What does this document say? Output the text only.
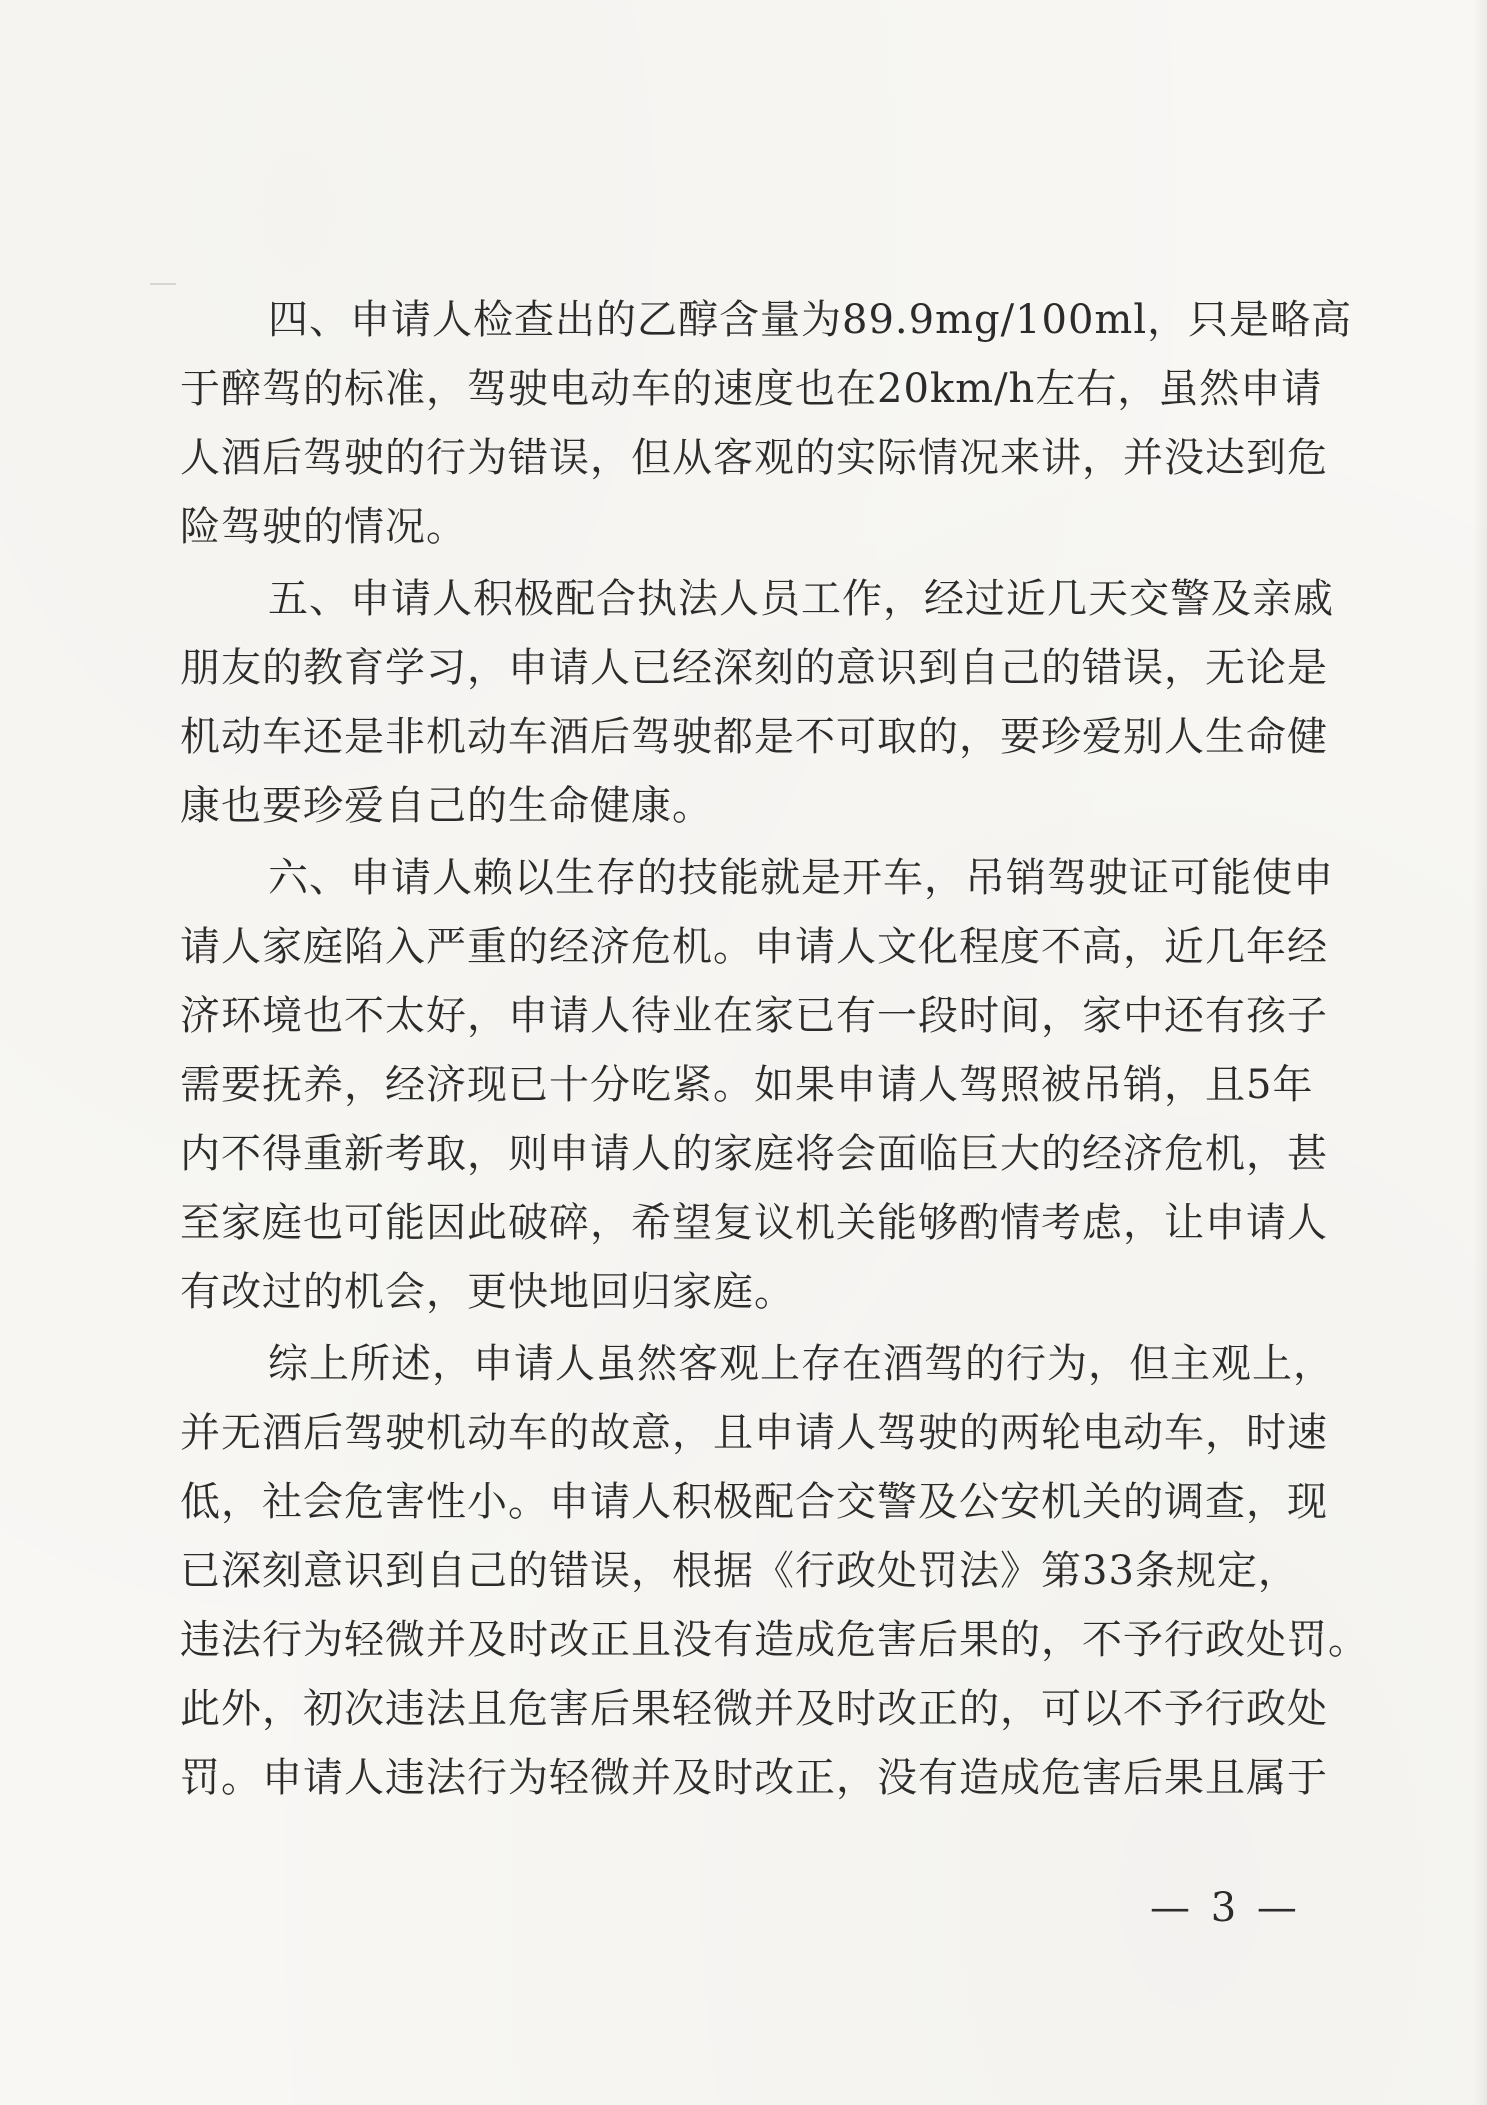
四、申请人检查出的乙醇含量为89.9mg/100ml，只是略高

于醉驾的标准，驾驶电动车的速度也在20km/h左右，虽然申请

人酒后驾驶的行为错误，但从客观的实际情况来讲，并没达到危

险驾驶的情况。

五、申请人积极配合执法人员工作，经过近几天交警及亲戚

朋友的教育学习，申请人已经深刻的意识到自己的错误，无论是

机动车还是非机动车酒后驾驶都是不可取的，要珍爱别人生命健

康也要珍爱自己的生命健康。

六、申请人赖以生存的技能就是开车，吊销驾驶证可能使申

请人家庭陷入严重的经济危机。申请人文化程度不高，近几年经

济环境也不太好，申请人待业在家已有一段时间，家中还有孩子

需要抚养，经济现已十分吃紧。如果申请人驾照被吊销，且5年

内不得重新考取，则申请人的家庭将会面临巨大的经济危机，甚

至家庭也可能因此破碎，希望复议机关能够酌情考虑，让申请人

有改过的机会，更快地回归家庭。

综上所述，申请人虽然客观上存在酒驾的行为，但主观上，

并无酒后驾驶机动车的故意，且申请人驾驶的两轮电动车，时速

低，社会危害性小。申请人积极配合交警及公安机关的调查，现

已深刻意识到自己的错误，根据《行政处罚法》第33条规定，

违法行为轻微并及时改正且没有造成危害后果的，不予行政处罚。

此外，初次违法且危害后果轻微并及时改正的，可以不予行政处

罚。申请人违法行为轻微并及时改正，没有造成危害后果且属于

— 3 —
